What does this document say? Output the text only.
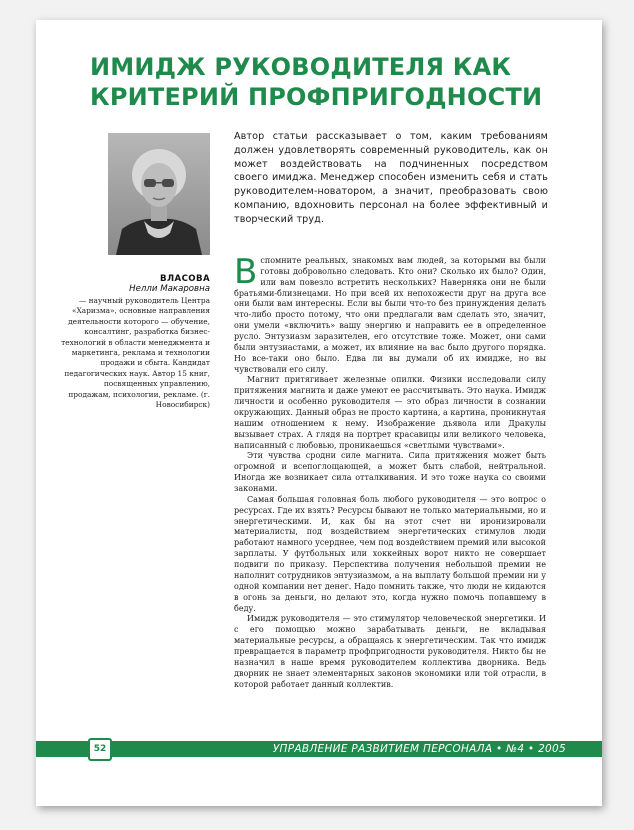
ИМИДЖ РУКОВОДИТЕЛЯ КАК
КРИТЕРИЙ ПРОФПРИГОДНОСТИ
ВЛАСОВА
Нелли Макаровна
— научный руководитель Центра «Харизма», основные направления деятельности которого — обучение, консалтинг, разработка бизнес-технологий в области менеджмента и маркетинга, реклама и технологии продажи и сбыта. Кандидат педагогических наук. Автор 15 книг, посвященных управлению, продажам, психологии, рекламе. (г. Новосибирск)

Автор статьи рассказывает о том, каким требованиям должен удовлетворять современный руководитель, как он может воздействовать на подчиненных посредством своего имиджа. Менеджер способен изменить себя и стать руководителем-новатором, а значит, преобразовать свою компанию, вдохновить персонал на более эффективный и творческий труд.

Вспомните реальных, знакомых вам людей, за которыми вы были готовы добровольно следовать. Кто они? Сколько их было? Один, или вам повезло встретить нескольких? Наверняка они не были братьями-близнецами. Но при всей их непохожести друг на друга все они были вам интересны. Если вы были что-то без принуждения делать что-либо просто потому, что они предлагали вам сделать это, значит, они умели «включить» вашу энергию и направить ее в определенное русло. Энтузиазм заразителен, его отсутствие тоже. Может, они сами были энтузиастами, а может, их влияние на вас было другого порядка. Но все-таки оно было. Едва ли вы думали об их имидже, но вы чувствовали его силу.

Магнит притягивает железные опилки. Физики исследовали силу притяжения магнита и даже умеют ее рассчитывать. Это наука. Имидж личности и особенно руководителя — это образ личности в сознании окружающих. Данный образ не просто картина, а картина, проникнутая нашим отношением к нему. Изображение дьявола или Дракулы вызывает страх. А глядя на портрет красавицы или великого человека, написанный с любовью, проникаешься «светлыми чувствами».

Эти чувства сродни силе магнита. Сила притяжения может быть огромной и всепоглощающей, а может быть слабой, нейтральной. Иногда же возникает сила отталкивания. И это тоже наука со своими законами.

Самая большая головная боль любого руководителя — это вопрос о ресурсах. Где их взять? Ресурсы бывают не только материальными, но и энергетическими. И, как бы на этот счет ни иронизировали материалисты, под воздействием энергетических стимулов люди работают намного усерднее, чем под воздействием премий или высокой зарплаты. У футбольных или хоккейных ворот никто не совершает подвиги по приказу. Перспектива получения небольшой премии не наполнит сотрудников энтузиазмом, а на выплату большой премии ни у одной компании нет денег. Надо помнить также, что люди не кидаются в огонь за деньги, но делают это, когда нужно помочь попавшему в беду.

Имидж руководителя — это стимулятор человеческой энергетики. И с его помощью можно зарабатывать деньги, не вкладывая материальные ресурсы, а обращаясь к энергетическим. Так что имидж превращается в параметр профпригодности руководителя. Никто бы не назначил в наше время руководителем коллектива дворника. Ведь дворник не знает элементарных законов экономики или той отрасли, в которой работает данный коллектив.

52	УПРАВЛЕНИЕ РАЗВИТИЕМ ПЕРСОНАЛА • №4 • 2005
